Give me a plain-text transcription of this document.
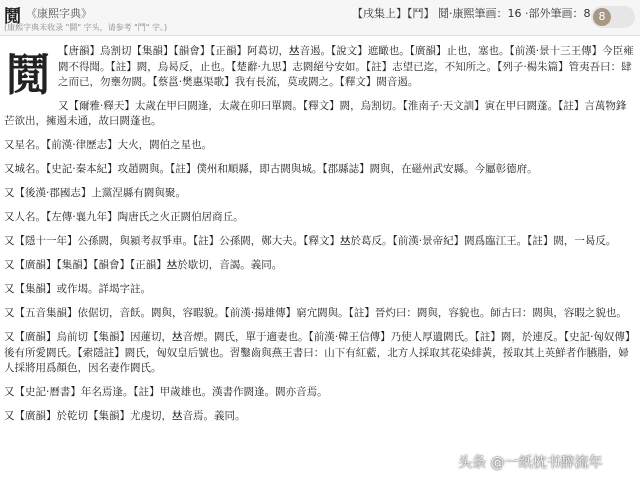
鬩 《康熙字典》
(康熙字典未收录 "鬪" 字头，请参考 "鬥" 字。)
【戌集上】【鬥】 鬩·康熙筆画：16 ·部外筆画：8 8
鬩 【唐韻】烏割切【集韻】【韻會】【正韻】阿葛切，𠀤音遏。【說文】遮瞰也。【廣韻】止也，塞也。【前漢·景十三王傳】今臣雍閼不得聞。【註】閼，烏曷反，止也。【楚辭·九思】志閼絕兮安如。【註】志望已迄，不知所之。【列子·楊朱篇】管夷吾曰：肆之而已，勿壅勿閼。【蔡邕·樊惠渠歌】我有長流，莫或閼之。【釋文】閼音遏。

又【爾雅·釋天】太歲在甲曰閼逢，太歲在卯曰單閼。【釋文】閼，烏割切。【淮南子·天文訓】寅在甲曰閼蓬。【註】言萬物鋒芒欲出，擁遏未通，故曰閼蓬也。

又星名。【前漢·律歷志】大火，閼伯之星也。

又城名。【史記·秦本紀】攻趙閼與。【註】僕州和順縣，即古閼與城。【郡縣誌】閼與，在磁州武安縣。今屬彰德府。

又【後漢·郡國志】上黨涅縣有閼與聚。

又人名。【左傳·襄九年】陶唐氏之火正閼伯居商丘。

又【隱十一年】公孫閼，與潁考叔爭車。【註】公孫閼，鄭大夫。【釋文】𠀤於葛反。【前漢·景帝紀】閼爲臨江王。【註】閼，一曷反。

又【廣韻】【集韻】【韻會】【正韻】𠀤於歇切，音謁。義同。

又【集韻】或作堨。詳堨字註。

又【五音集韻】依倨切，音飫。閼與，容暇貌。【前漢·揚雄傳】窮宂閼與。【註】晉灼曰：閼與，容貌也。師古曰：閼與，容暇之貌也。

又【廣韻】烏前切【集韻】因蓮切，𠀤音煙。閼氏，單于適妻也。【前漢·韓王信傳】乃使人厚遺閼氏。【註】閼，於連反。【史記·匈奴傳】後有所愛閼氏。【索隱註】閼氏，匈奴皇后號也。習鑿齒與燕王書曰：山下有紅藍，北方人採取其花染緋黃，挼取其上英鮮者作臙脂，婦人採將用爲顏色，因名妻作閼氏。

又【史記·曆書】年名焉逢。【註】甲歲雄也。漢書作閼逢。閼亦音焉。

又【廣韻】於乾切【集韻】尤虔切，𠀤音焉。義同。

头条 @一纸枕书醉流年
